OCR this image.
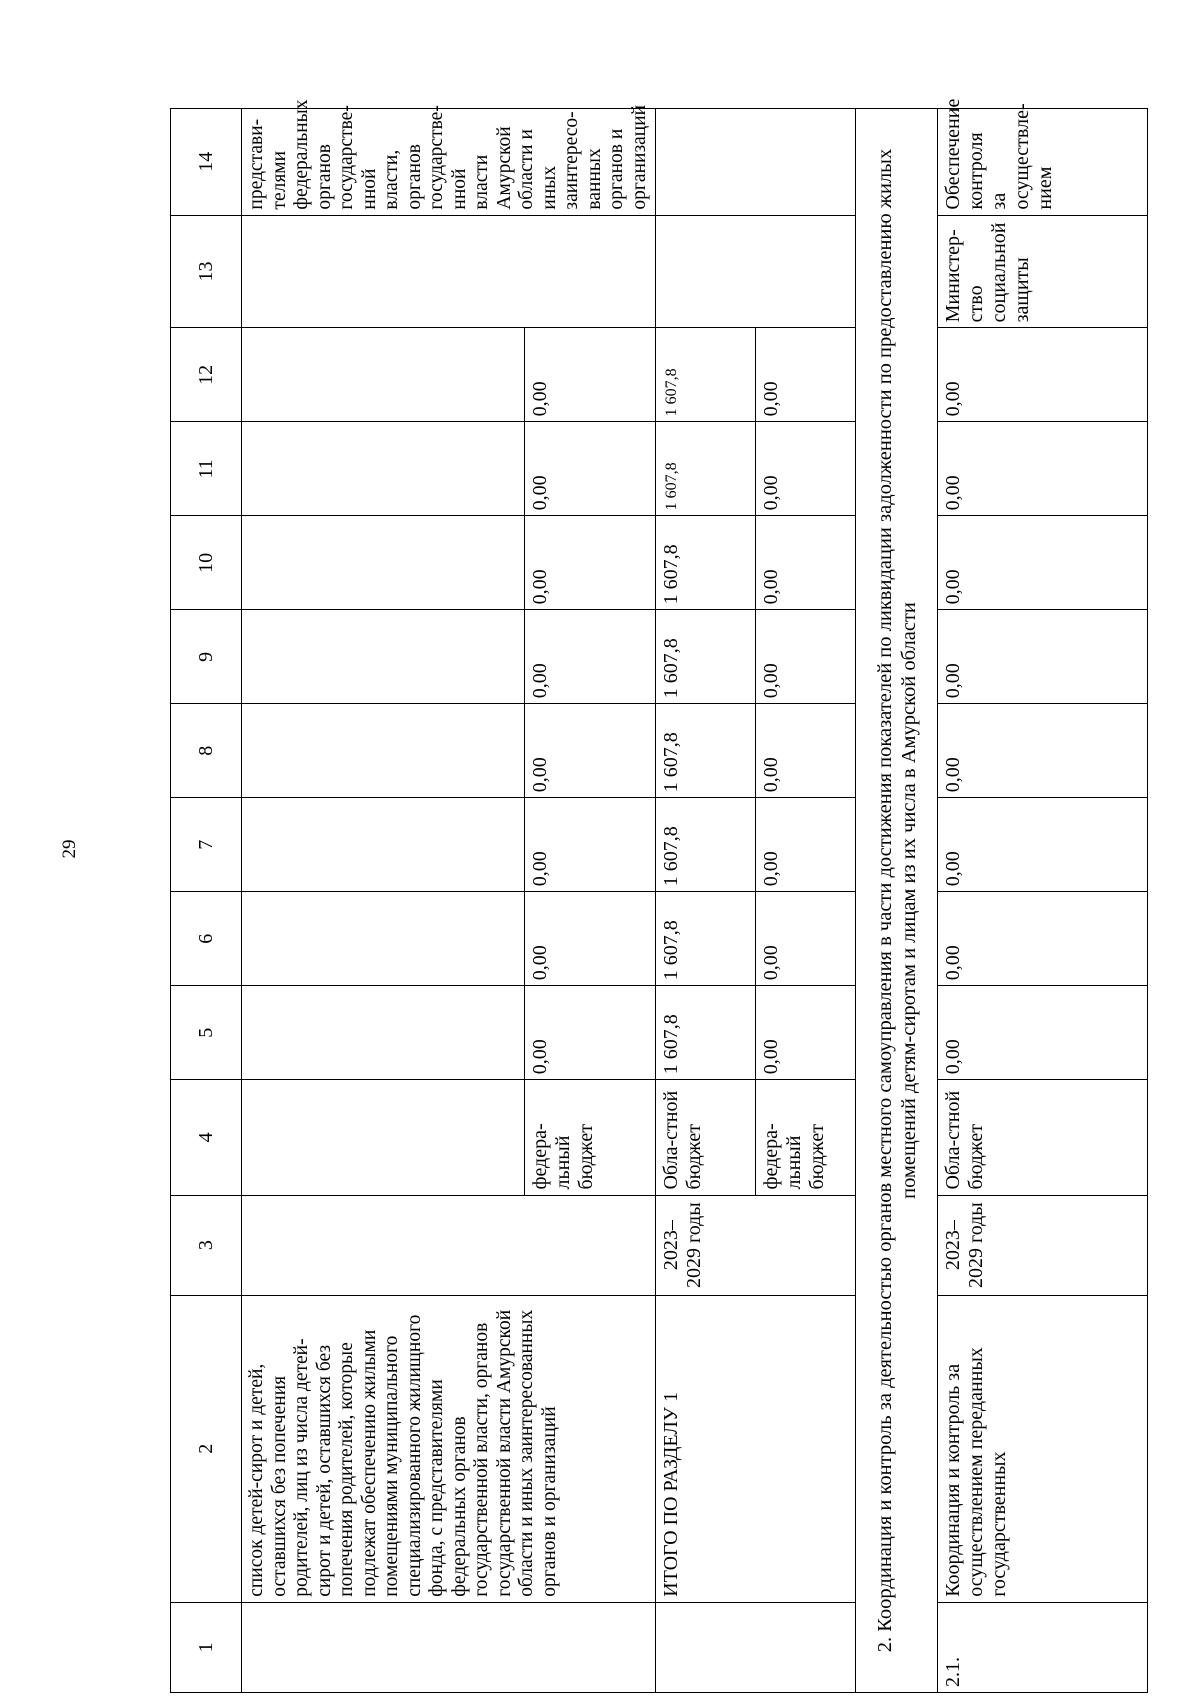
29
1	2	3	4	5	6	7	8	9	10	11	12	13	14
	список детей-сирот и детей, оставшихся без попечения родителей, лиц из числа детей-сирот и детей, оставшихся без попечения родителей, которые подлежат обеспечению жилыми помещениями муниципального специализированного жилищного фонда, с представителями федеральных органов государственной власти, органов государственной власти Амурской области и иных заинтересованных органов и организаций												представи-телями федеральных органов государстве-нной власти, органов государстве-нной власти Амурской области и иных заинтересо-ванных органов и организаций
			федера-льный бюджет	0,00	0,00	0,00	0,00	0,00	0,00	0,00	0,00		
	ИТОГО ПО РАЗДЕЛУ 1	2023–2029 годы	Обла-стной бюджет	1 607,8	1 607,8	1 607,8	1 607,8	1 607,8	1 607,8	1 607,8	1 607,8		
			федера-льный бюджет	0,00	0,00	0,00	0,00	0,00	0,00	0,00	0,00		
2. Координация и контроль за деятельностью органов местного самоуправления в части достижения показателей по ликвидации задолженности по предоставлению жилых помещений детям-сиротам и лицам из их числа в Амурской области													
2.1.	Координация и контроль за осуществлением переданных государственных	2023–2029 годы	Обла-стной бюджет	0,00	0,00	0,00	0,00	0,00	0,00	0,00	0,00	Министер-ство социальной защиты	Обеспечение контроля за осуществле-нием
